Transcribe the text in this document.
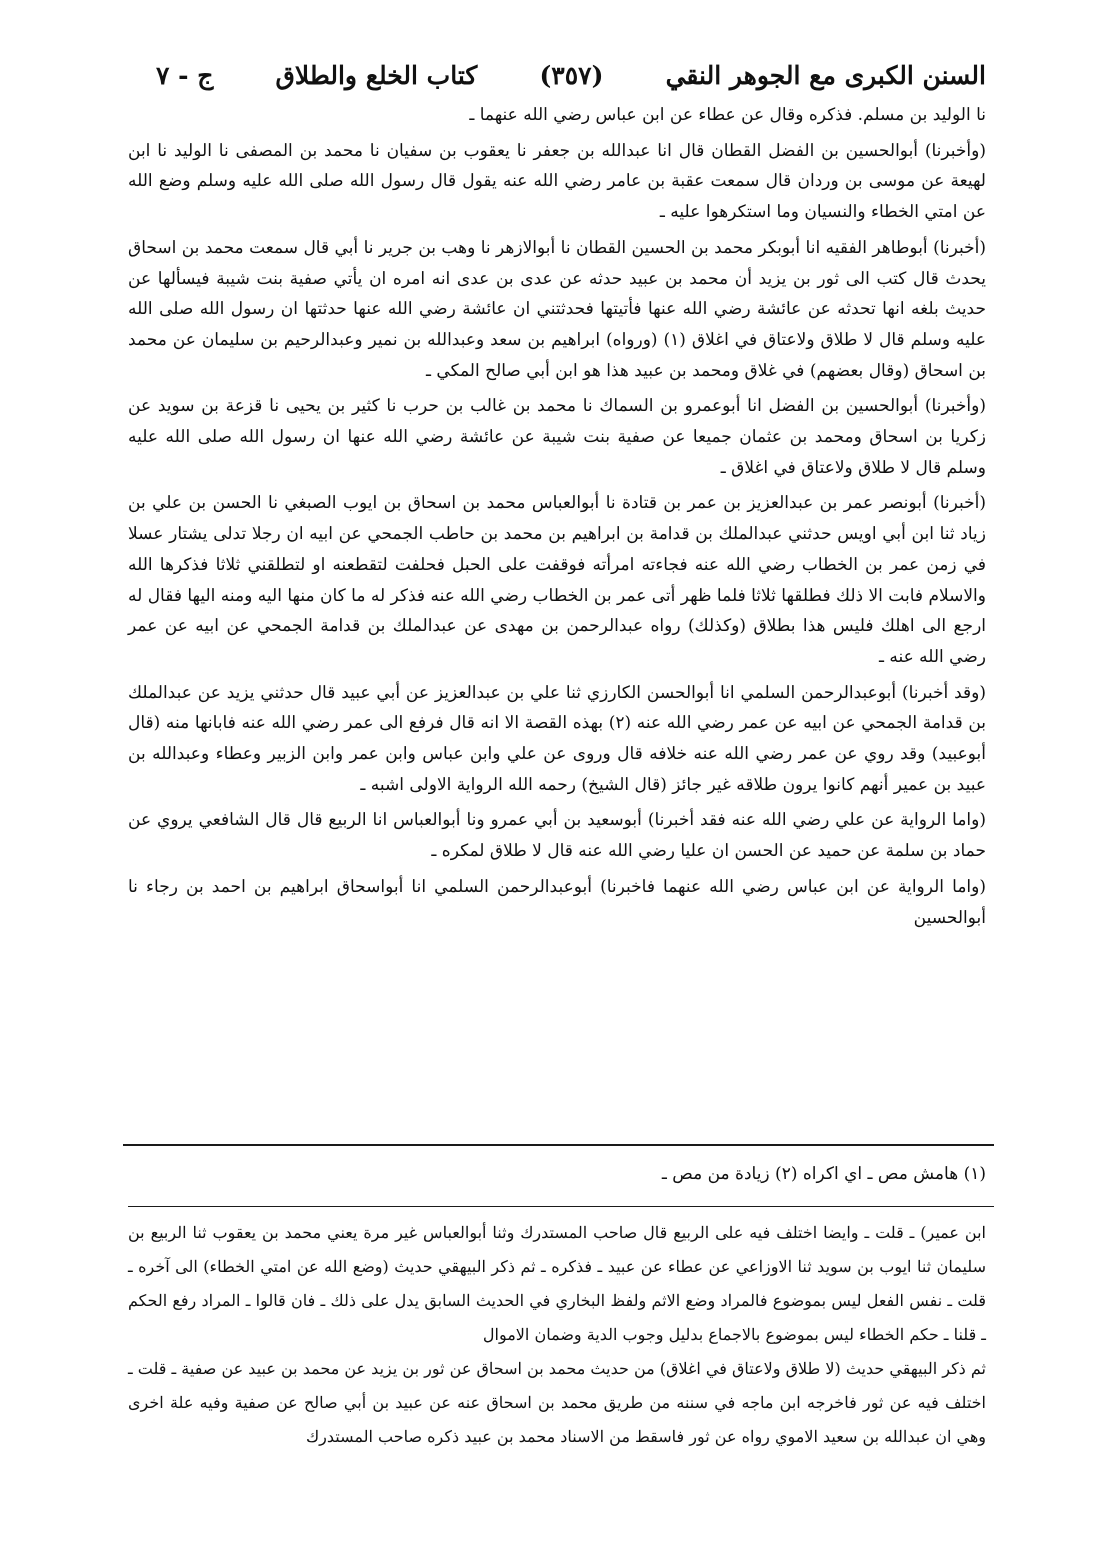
السنن الكبرى مع الجوهر النقي
(٣٥٧)
كتاب الخلع والطلاق
ج - ٧

نا الوليد بن مسلم. فذكره وقال عن عطاء عن ابن عباس رضي الله عنهما ـ

(وأخبرنا) أبوالحسين بن الفضل القطان قال انا عبدالله بن جعفر نا يعقوب بن سفيان نا محمد بن المصفى نا الوليد نا ابن لهيعة عن موسى بن وردان قال سمعت عقبة بن عامر رضي الله عنه يقول قال رسول الله صلى الله عليه وسلم وضع الله عن امتي الخطاء والنسيان وما استكرهوا عليه ـ

(أخبرنا) أبوطاهر الفقيه انا أبوبكر محمد بن الحسين القطان نا أبوالازهر نا وهب بن جرير نا أبي قال سمعت محمد بن اسحاق يحدث قال كتب الى ثور بن يزيد أن محمد بن عبيد حدثه عن عدى بن عدى انه امره ان يأتي صفية بنت شيبة فيسألها عن حديث بلغه انها تحدثه عن عائشة رضي الله عنها فأتيتها فحدثتني ان عائشة رضي الله عنها حدثتها ان رسول الله صلى الله عليه وسلم قال لا طلاق ولاعتاق في اغلاق (١) (ورواه) ابراهيم بن سعد وعبدالله بن نمير وعبدالرحيم بن سليمان عن محمد بن اسحاق (وقال بعضهم) في غلاق ومحمد بن عبيد هذا هو ابن أبي صالح المكي ـ

(وأخبرنا) أبوالحسين بن الفضل انا أبوعمرو بن السماك نا محمد بن غالب بن حرب نا كثير بن يحيى نا قزعة بن سويد عن زكريا بن اسحاق ومحمد بن عثمان جميعا عن صفية بنت شيبة عن عائشة رضي الله عنها ان رسول الله صلى الله عليه وسلم قال لا طلاق ولاعتاق في اغلاق ـ

(أخبرنا) أبونصر عمر بن عبدالعزيز بن عمر بن قتادة نا أبوالعباس محمد بن اسحاق بن ايوب الصبغي نا الحسن بن علي بن زياد ثنا ابن أبي اويس حدثني عبدالملك بن قدامة بن ابراهيم بن محمد بن حاطب الجمحي عن ابيه ان رجلا تدلى يشتار عسلا في زمن عمر بن الخطاب رضي الله عنه فجاءته امرأته فوقفت على الحبل فحلفت لتقطعنه او لتطلقني ثلاثا فذكرها الله والاسلام فابت الا ذلك فطلقها ثلاثا فلما ظهر أتى عمر بن الخطاب رضي الله عنه فذكر له ما كان منها اليه ومنه اليها فقال له ارجع الى اهلك فليس هذا بطلاق (وكذلك) رواه عبدالرحمن بن مهدى عن عبدالملك بن قدامة الجمحي عن ابيه عن عمر رضي الله عنه ـ

(وقد أخبرنا) أبوعبدالرحمن السلمي انا أبوالحسن الكارزي ثنا علي بن عبدالعزيز عن أبي عبيد قال حدثني يزيد عن عبدالملك بن قدامة الجمحي عن ابيه عن عمر رضي الله عنه (٢) بهذه القصة الا انه قال فرفع الى عمر رضي الله عنه فابانها منه (قال أبوعبيد) وقد روي عن عمر رضي الله عنه خلافه قال وروى عن علي وابن عباس وابن عمر وابن الزبير وعطاء وعبدالله بن عبيد بن عمير أنهم كانوا يرون طلاقه غير جائز (قال الشيخ) رحمه الله الرواية الاولى اشبه ـ

(واما الرواية عن علي رضي الله عنه فقد أخبرنا) أبوسعيد بن أبي عمرو ونا أبوالعباس انا الربيع قال قال الشافعي يروي عن حماد بن سلمة عن حميد عن الحسن ان عليا رضي الله عنه قال لا طلاق لمكره ـ

(واما الرواية عن ابن عباس رضي الله عنهما فاخبرنا) أبوعبدالرحمن السلمي انا أبواسحاق ابراهيم بن احمد بن رجاء نا أبوالحسين

(١) هامش مص ـ اي اكراه (٢) زيادة من مص ـ

ابن عمير) ـ قلت ـ وايضا اختلف فيه على الربيع قال صاحب المستدرك وثنا أبوالعباس غير مرة يعني محمد بن يعقوب ثنا الربيع بن سليمان ثنا ايوب بن سويد ثنا الاوزاعي عن عطاء عن عبيد ـ فذكره ـ ثم ذكر البيهقي حديث (وضع الله عن امتي الخطاء) الى آخره ـ قلت ـ نفس الفعل ليس بموضوع فالمراد وضع الاثم ولفظ البخاري في الحديث السابق يدل على ذلك ـ فان قالوا ـ المراد رفع الحكم ـ قلنا ـ حكم الخطاء ليس بموضوع بالاجماع بدليل وجوب الدية وضمان الاموال

ثم ذكر البيهقي حديث (لا طلاق ولاعتاق في اغلاق) من حديث محمد بن اسحاق عن ثور بن يزيد عن محمد بن عبيد عن صفية ـ قلت ـ اختلف فيه عن ثور فاخرجه ابن ماجه في سننه من طريق محمد بن اسحاق عنه عن عبيد بن أبي صالح عن صفية وفيه علة اخرى وهي ان عبدالله بن سعيد الاموي رواه عن ثور فاسقط من الاسناد محمد بن عبيد ذكره صاحب المستدرك
